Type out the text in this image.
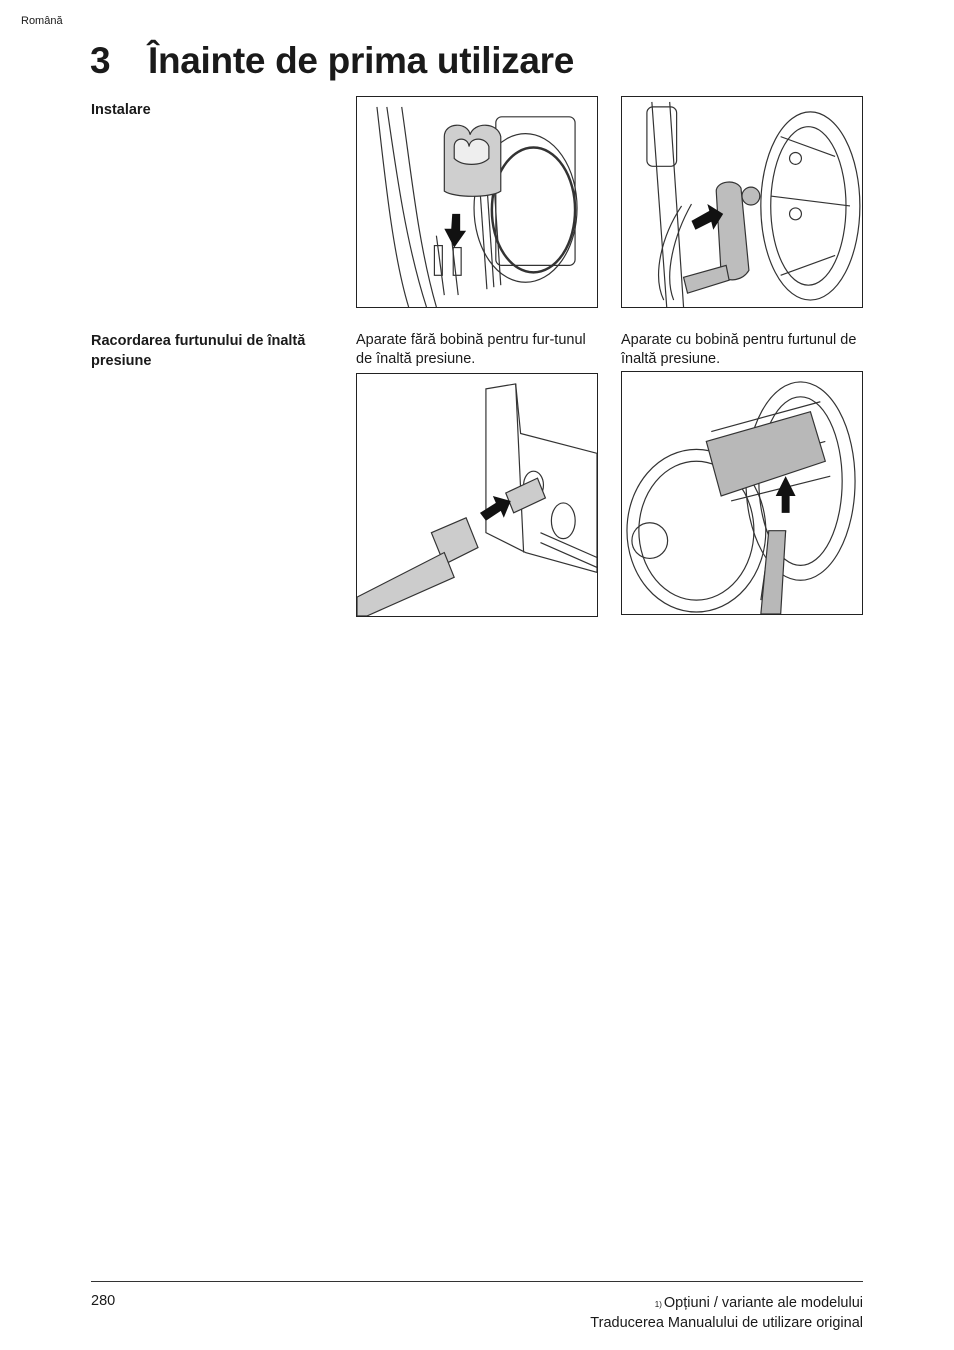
Română
3 Înainte de prima utilizare
Instalare
Racordarea furtunului de înaltă presiune
Aparate fără bobină pentru fur-tunul de înaltă presiune.
Aparate cu bobină pentru furtunul de înaltă presiune.
280	$^{1)}$ Opțiuni / variante ale modelului
Traducerea Manualului de utilizare original
